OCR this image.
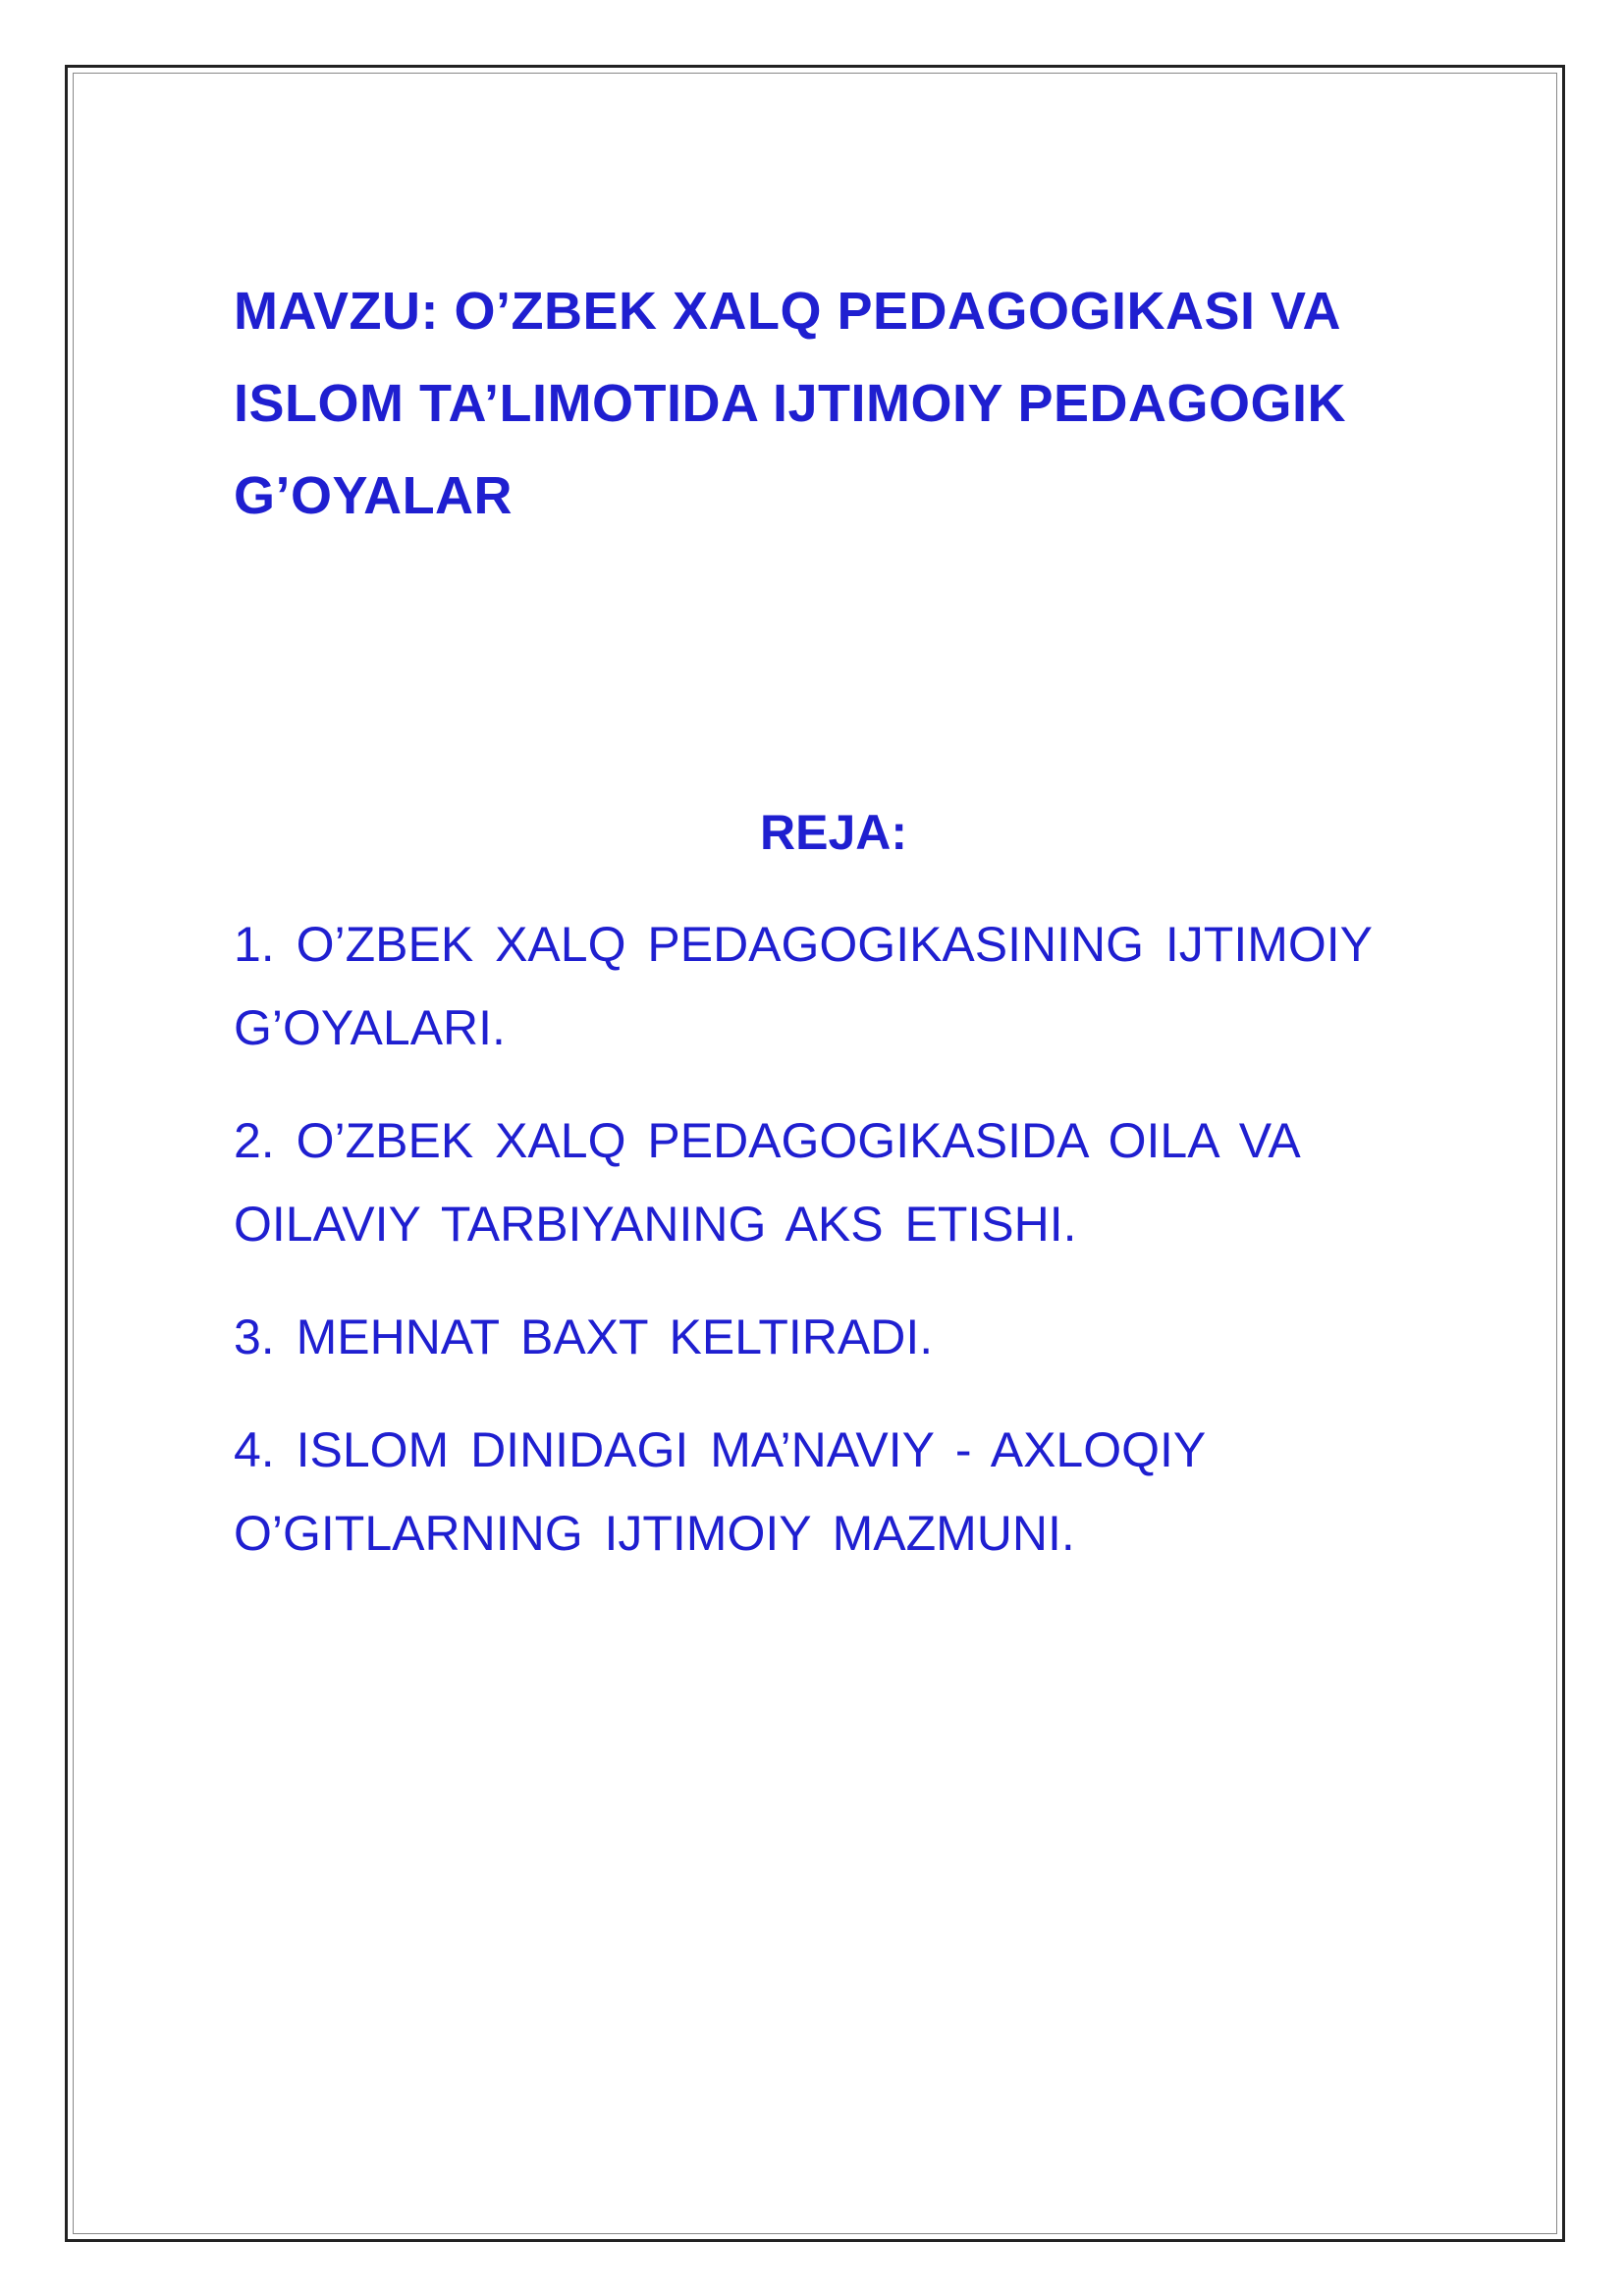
MAVZU: O’ZBEK XALQ PEDAGOGIKASI VA
ISLOM TA’LIMOTIDA IJTIMOIY PEDAGOGIK
G’OYALAR
REJA:
1. O’ZBEK XALQ PEDAGOGIKASINING IJTIMOIY
G’OYALARI.
2. O’ZBEK XALQ PEDAGOGIKASIDA OILA VA
OILAVIY TARBIYANING AKS ETISHI.
3. MEHNAT BAXT KELTIRADI.
4. ISLOM DINIDAGI MA’NAVIY - AXLOQIY
O’GITLARNING IJTIMOIY MAZMUNI.
